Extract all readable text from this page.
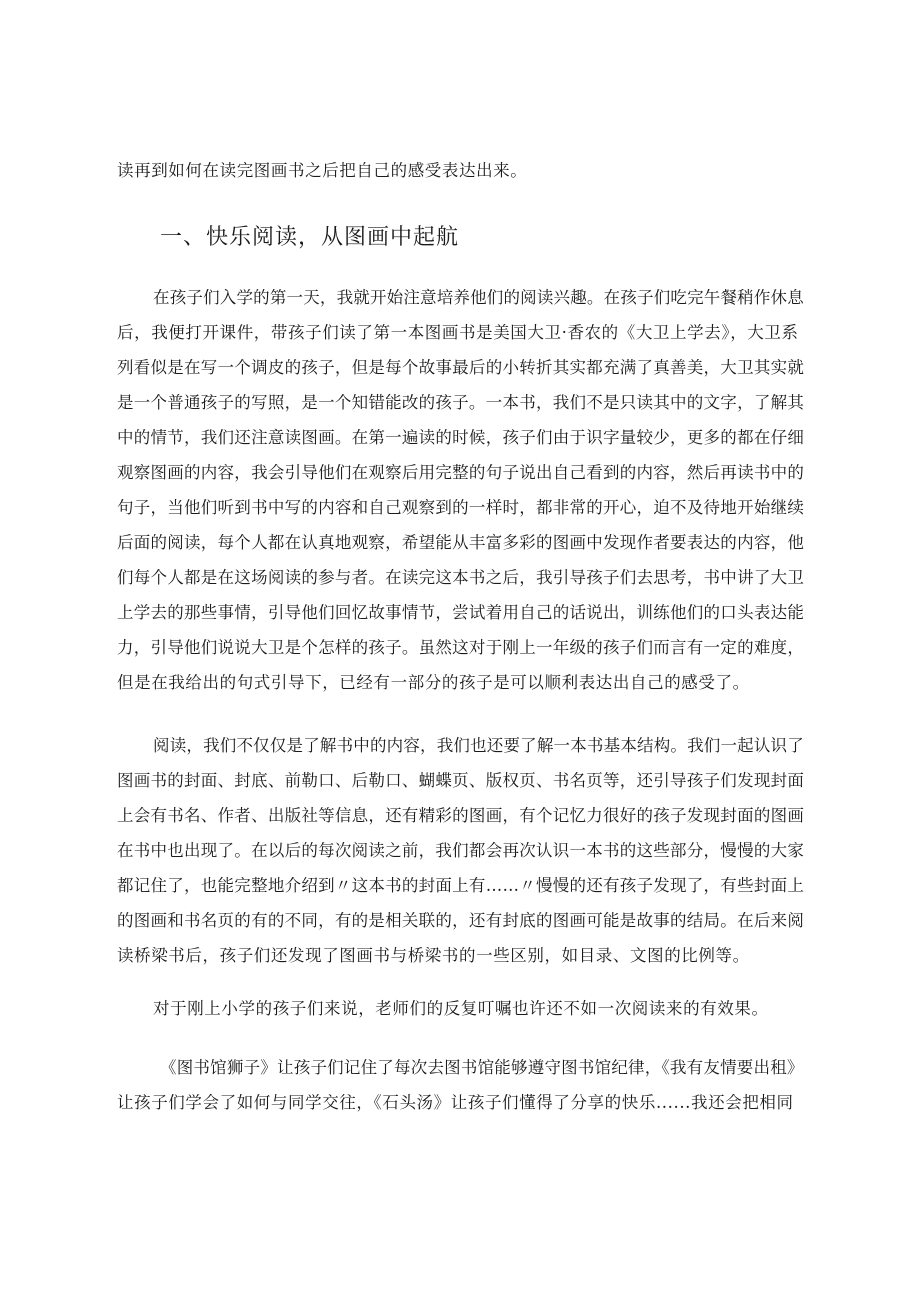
读再到如何在读完图画书之后把自己的感受表达出来。
一、快乐阅读，从图画中起航
在孩子们入学的第一天，我就开始注意培养他们的阅读兴趣。在孩子们吃完午餐稍作休息
后，我便打开课件，带孩子们读了第一本图画书是美国大卫·香农的《大卫上学去》，大卫系
列看似是在写一个调皮的孩子，但是每个故事最后的小转折其实都充满了真善美，大卫其实就
是一个普通孩子的写照，是一个知错能改的孩子。一本书，我们不是只读其中的文字，了解其
中的情节，我们还注意读图画。在第一遍读的时候，孩子们由于识字量较少，更多的都在仔细
观察图画的内容，我会引导他们在观察后用完整的句子说出自己看到的内容，然后再读书中的
句子，当他们听到书中写的内容和自己观察到的一样时，都非常的开心，迫不及待地开始继续
后面的阅读，每个人都在认真地观察，希望能从丰富多彩的图画中发现作者要表达的内容，他
们每个人都是在这场阅读的参与者。在读完这本书之后，我引导孩子们去思考，书中讲了大卫
上学去的那些事情，引导他们回忆故事情节，尝试着用自己的话说出，训练他们的口头表达能
力，引导他们说说大卫是个怎样的孩子。虽然这对于刚上一年级的孩子们而言有一定的难度，
但是在我给出的句式引导下，已经有一部分的孩子是可以顺利表达出自己的感受了。
阅读，我们不仅仅是了解书中的内容，我们也还要了解一本书基本结构。我们一起认识了
图画书的封面、封底、前勒口、后勒口、蝴蝶页、版权页、书名页等，还引导孩子们发现封面
上会有书名、作者、出版社等信息，还有精彩的图画，有个记忆力很好的孩子发现封面的图画
在书中也出现了。在以后的每次阅读之前，我们都会再次认识一本书的这些部分，慢慢的大家
都记住了，也能完整地介绍到〃这本书的封面上有……〃慢慢的还有孩子发现了，有些封面上
的图画和书名页的有的不同，有的是相关联的，还有封底的图画可能是故事的结局。在后来阅
读桥梁书后，孩子们还发现了图画书与桥梁书的一些区别，如目录、文图的比例等。
对于刚上小学的孩子们来说，老师们的反复叮嘱也许还不如一次阅读来的有效果。
《图书馆狮子》让孩子们记住了每次去图书馆能够遵守图书馆纪律，《我有友情要出租》
让孩子们学会了如何与同学交往，《石头汤》让孩子们懂得了分享的快乐......我还会把相同
